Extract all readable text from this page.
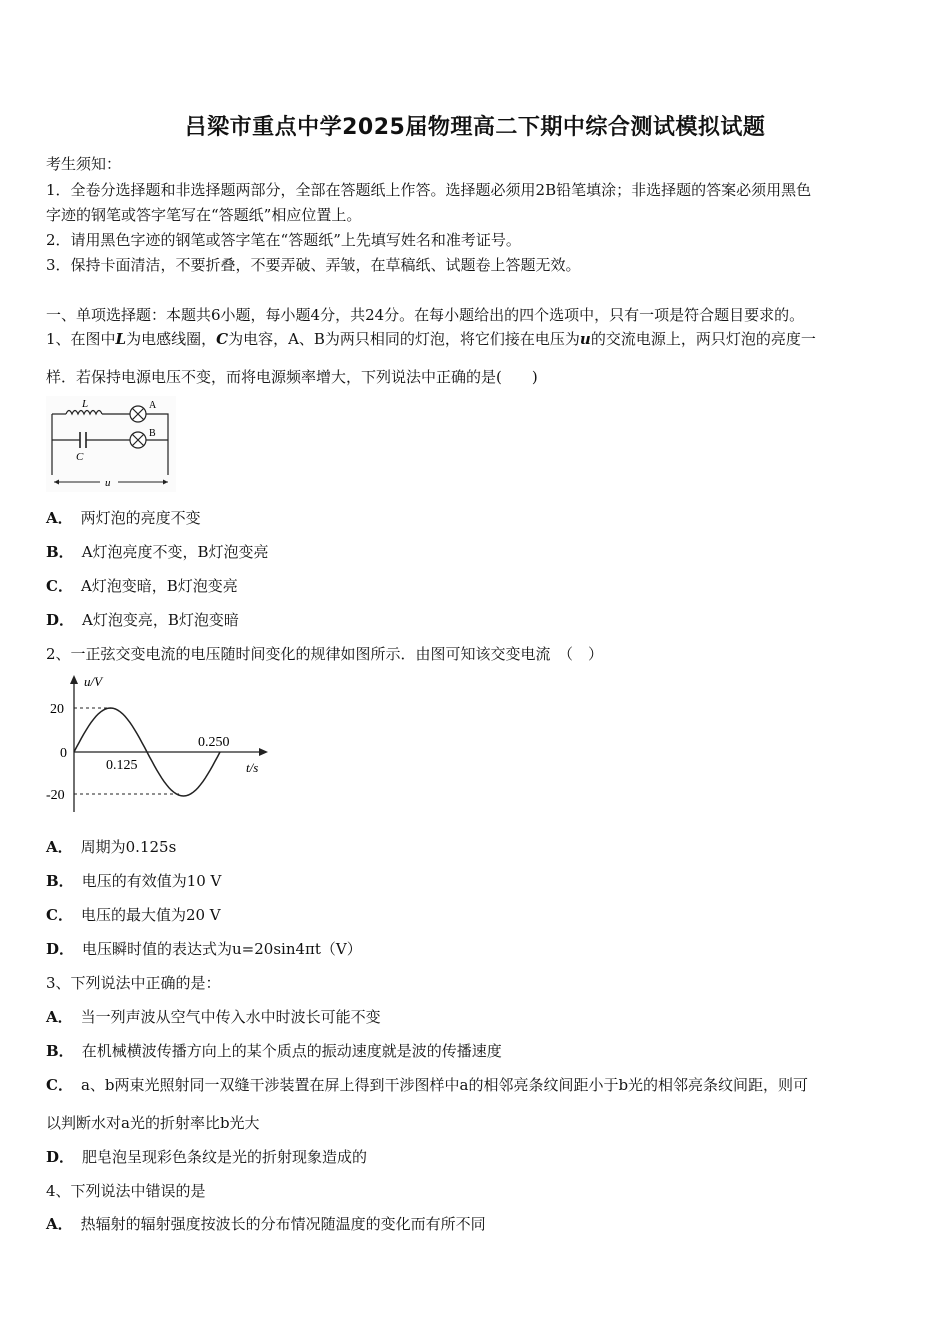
吕梁市重点中学2025届物理高二下期中综合测试模拟试题
考生须知：
1．全卷分选择题和非选择题两部分，全部在答题纸上作答。选择题必须用2B铅笔填涂；非选择题的答案必须用黑色
字迹的钢笔或答字笔写在“答题纸”相应位置上。
2．请用黑色字迹的钢笔或答字笔在“答题纸”上先填写姓名和准考证号。
3．保持卡面清洁，不要折叠，不要弄破、弄皱，在草稿纸、试题卷上答题无效。
一、单项选择题：本题共6小题，每小题4分，共24分。在每小题给出的四个选项中，只有一项是符合题目要求的。
1、在图中L为电感线圈，C为电容，A、B为两只相同的灯泡，将它们接在电压为u的交流电源上，两只灯泡的亮度一
样．若保持电源电压不变，而将电源频率增大，下列说法中正确的是(　　)
L
C
A
B
u
A． 两灯泡的亮度不变
B． A灯泡亮度不变，B灯泡变亮
C． A灯泡变暗，B灯泡变亮
D． A灯泡变亮，B灯泡变暗
2、一正弦交变电流的电压随时间变化的规律如图所示．由图可知该交变电流　（　）
u/V
t/s
20
0
-20
0.125
0.250
A． 周期为0.125s
B． 电压的有效值为10 V
C． 电压的最大值为20 V
D． 电压瞬时值的表达式为u=20sin4πt（V）
3、下列说法中正确的是：
A． 当一列声波从空气中传入水中时波长可能不变
B． 在机械横波传播方向上的某个质点的振动速度就是波的传播速度
C． a、b两束光照射同一双缝干涉装置在屏上得到干涉图样中a的相邻亮条纹间距小于b光的相邻亮条纹间距，则可
以判断水对a光的折射率比b光大
D． 肥皂泡呈现彩色条纹是光的折射现象造成的
4、下列说法中错误的是
A． 热辐射的辐射强度按波长的分布情况随温度的变化而有所不同
